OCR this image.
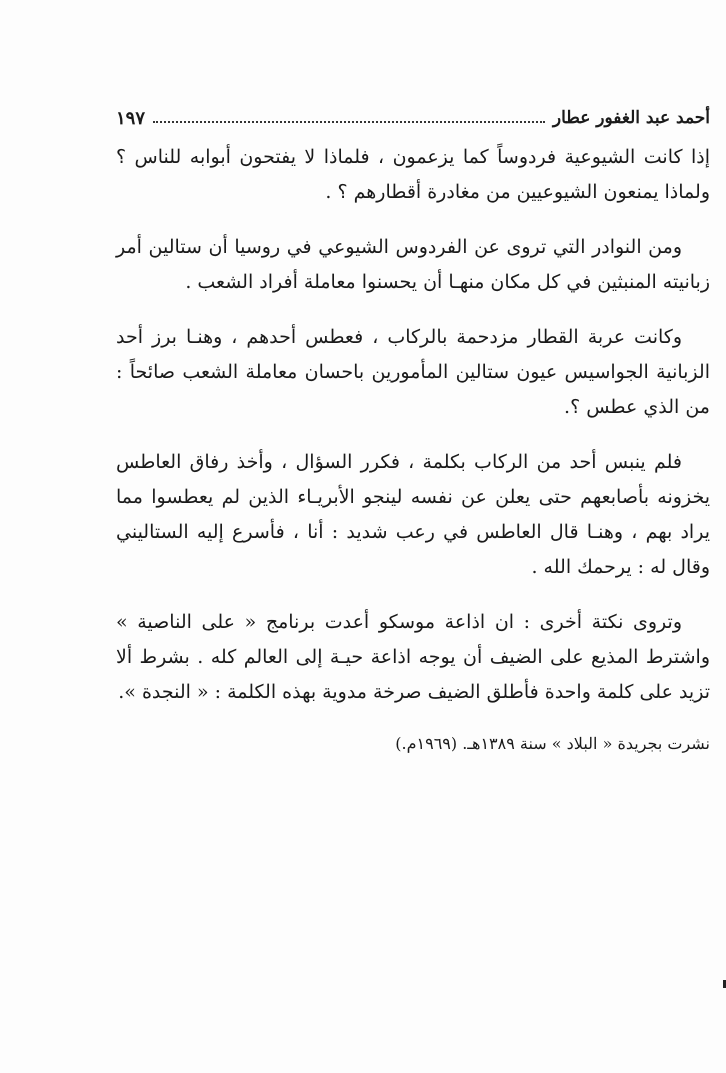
أحمد عبد الغفور عطار
١٩٧

إذا كانت الشيوعية فردوساً كما يزعمون ، فلماذا لا يفتحون أبوابه للناس ؟ ولماذا يمنعون الشيوعيين من مغادرة أقطارهم ؟ .

ومن النوادر التي تروى عن الفردوس الشيوعي في روسيا أن ستالين أمر زبانيته المنبثين في كل مكان منهـا أن يحسنوا معاملة أفراد الشعب .

وكانت عربة القطار مزدحمة بالركاب ، فعطس أحدهم ، وهنـا برز أحد الزبانية الجواسيس عيون ستالين المأمورين باحسان معاملة الشعب صائحاً : من الذي عطس ؟.

فلم ينبس أحد من الركاب بكلمة ، فكرر السؤال ، وأخذ رفاق العاطس يخزونه بأصابعهم حتى يعلن عن نفسه لينجو الأبريـاء الذين لم يعطسوا مما يراد بهم ، وهنـا قال العاطس في رعب شديد : أنا ، فأسرع إليه الستاليني وقال له : يرحمك الله .

وتروى نكتة أخرى : ان اذاعة موسكو أعدت برنامج « على الناصية » واشترط المذيع على الضيف أن يوجه اذاعة حيـة إلى العالم كله . بشرط ألا تزيد على كلمة واحدة فأطلق الضيف صرخة مدوية بهذه الكلمة : « النجدة ».

نشرت بجريدة « البلاد » سنة ١٣٨٩هـ. (١٩٦٩م.)
